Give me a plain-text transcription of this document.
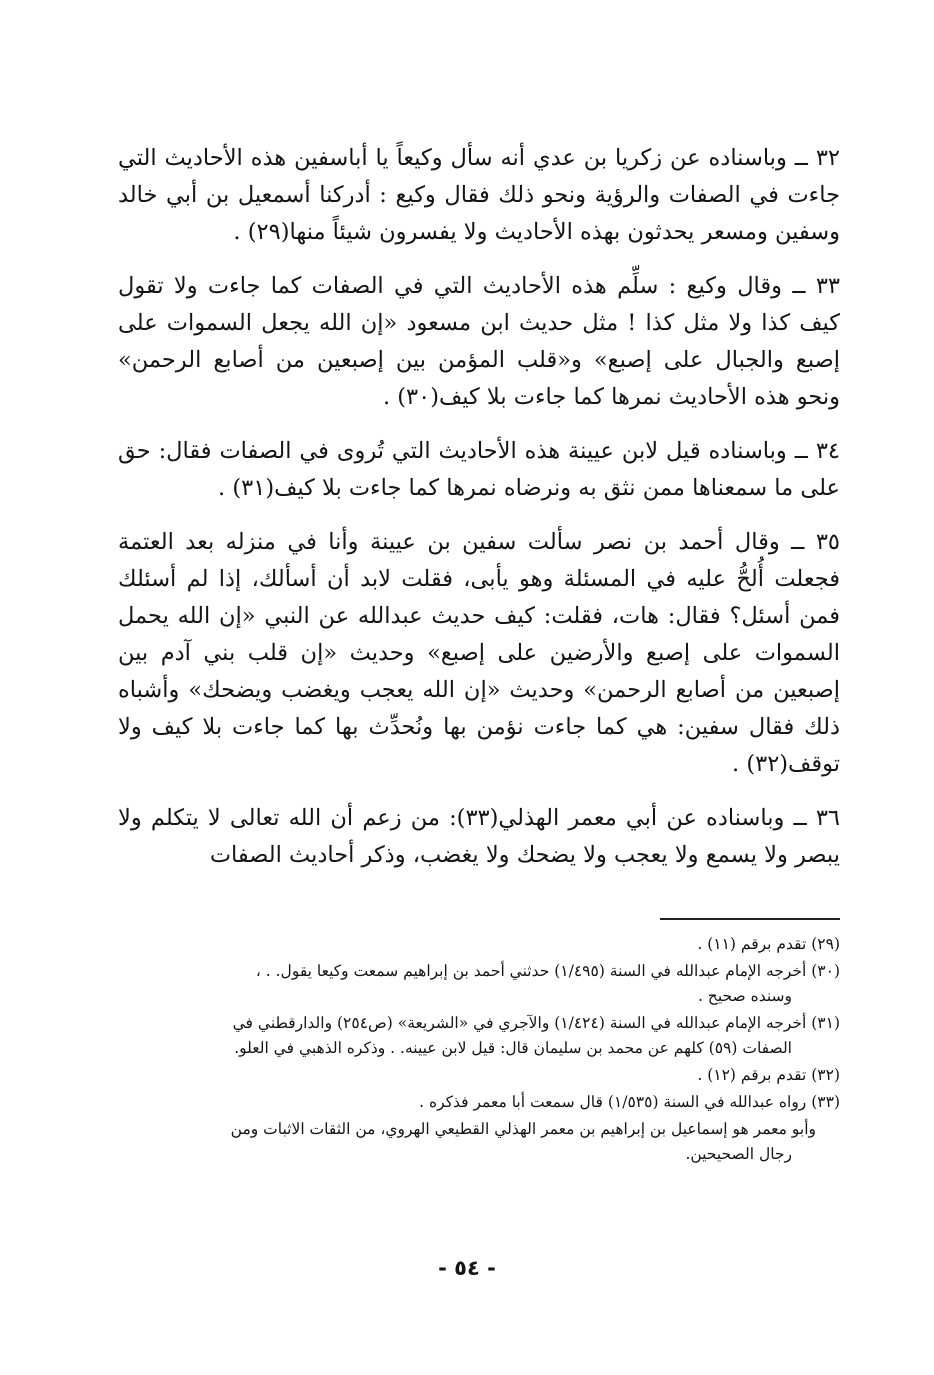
٣٢ ــ وباسناده عن زكريا بن عدي أنه سأل وكيعاً يا أباسفين هذه الأحاديث التي جاءت في الصفات والرؤية ونحو ذلك فقال وكيع : أدركنا أسمعيل بن أبي خالد وسفين ومسعر يحدثون بهذه الأحاديث ولا يفسرون شيئاً منها(٢٩) .

٣٣ ــ وقال وكيع : سلِّم هذه الأحاديث التي في الصفات كما جاءت ولا تقول كيف كذا ولا مثل كذا ! مثل حديث ابن مسعود «إن الله يجعل السموات على إصبع والجبال على إصبع» و«قلب المؤمن بين إصبعين من أصابع الرحمن» ونحو هذه الأحاديث نمرها كما جاءت بلا كيف(٣٠) .

٣٤ ــ وباسناده قيل لابن عيينة هذه الأحاديث التي تُروى في الصفات فقال: حق على ما سمعناها ممن نثق به ونرضاه نمرها كما جاءت بلا كيف(٣١) .

٣٥ ــ وقال أحمد بن نصر سألت سفين بن عيينة وأنا في منزله بعد العتمة فجعلت أُلحُّ عليه في المسئلة وهو يأبى، فقلت لابد أن أسألك، إذا لم أسئلك فمن أسئل؟ فقال: هات، فقلت: كيف حديث عبدالله عن النبي «إن الله يحمل السموات على إصبع والأرضين على إصبع» وحديث «إن قلب بني آدم بين إصبعين من أصابع الرحمن» وحديث «إن الله يعجب ويغضب ويضحك» وأشباه ذلك فقال سفين: هي كما جاءت نؤمن بها ونُحدِّث بها كما جاءت بلا كيف ولا توقف(٣٢) .

٣٦ ــ وباسناده عن أبي معمر الهذلي(٣٣): من زعم أن الله تعالى لا يتكلم ولا يبصر ولا يسمع ولا يعجب ولا يضحك ولا يغضب، وذكر أحاديث الصفات

(٢٩) تقدم برقم (١١) .
(٣٠) أخرجه الإمام عبدالله في السنة (١/٤٩٥) حدثني أحمد بن إبراهيم سمعت وكيعا يقول. . ،
وسنده صحيح .
(٣١) أخرجه الإمام عبدالله في السنة (١/٤٢٤) والآجري في «الشريعة» (ص٢٥٤) والدارقطني في
الصفات (٥٩) كلهم عن محمد بن سليمان قال: قيل لابن عيينه. . وذكره الذهبي في العلو.
(٣٢) تقدم برقم (١٢) .
(٣٣) رواه عبدالله في السنة (١/٥٣٥) قال سمعت أبا معمر فذكره .
وأبو معمر هو إسماعيل بن إبراهيم بن معمر الهذلي القطيعي الهروي، من الثقات الاثبات ومن
رجال الصحيحين.
- ٥٤ -
